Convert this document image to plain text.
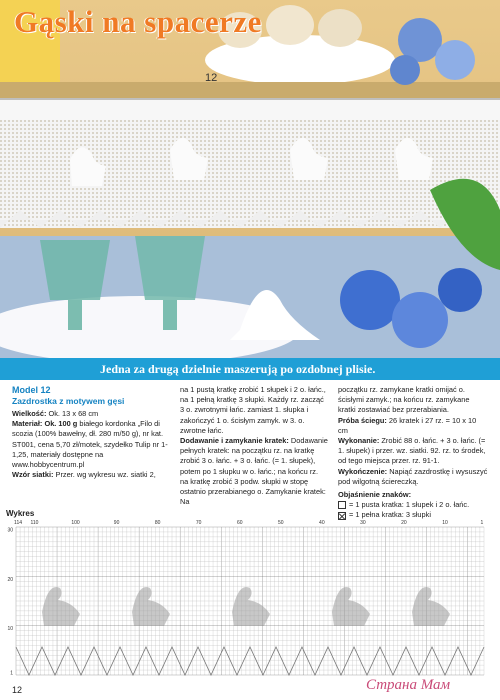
Gąski na spacerze
12
Jedna za drugą dzielnie maszerują po ozdobnej plisie.
Model 12
Zazdrostka z motywem gęsi

Wielkość: Ok. 13 x 68 cm

Materiał: Ok. 100 g białego kordonka „Filo di scozia (100% bawełny, dł. 280 m/50 g), nr kat. ST001, cena 5,70 zł/motek, szydełko Tulip nr 1-1,25, materiały dostępne na www.hobbycentrum.pl

Wzór siatki: Przer. wg wykresu wz. siatki 2,

na 1 pustą kratkę zrobić 1 słupek i 2 o. łańc., na 1 pełną kratkę 3 słupki. Każdy rz. zacząć 3 o. zwrotnymi łańc. zamiast 1. słupka i zakończyć 1 o. ścisłym zamyk. w 3. o. zwrotne łańc.

Dodawanie i zamykanie kratek: Dodawanie pełnych kratek: na początku rz. na kratkę zrobić 3 o. łańc. + 3 o. łańc. (= 1. słupek), potem po 1 słupku w o. łańc.; na końcu rz. na kratkę zrobić 3 podw. słupki w stopę ostatnio przerabianego o. Zamykanie kratek: Na

początku rz. zamykane kratki omijać o. ścisłymi zamyk.; na końcu rz. zamykane kratki zostawiać bez przerabiania.

Próba ściegu: 26 kratek i 27 rz. = 10 x 10 cm

Wykonanie: Zrobić 88 o. łańc. + 3 o. łańc. (= 1. słupek) i przer. wz. siatki. 92. rz. to środek, od tego miejsca przer. rz. 91-1.

Wykończenie: Napiąć zazdrostkę i wysuszyć pod wilgotną ściereczką.

Objaśnienie znaków:
= 1 pusta kratka: 1 słupek i 2 o. łańc.
= 1 pełna kratka: 3 słupki
Wykres
114 110	100	90	80	70	60	50	40	30	20	10	1
30
20
10
1
12	Страна Мам
